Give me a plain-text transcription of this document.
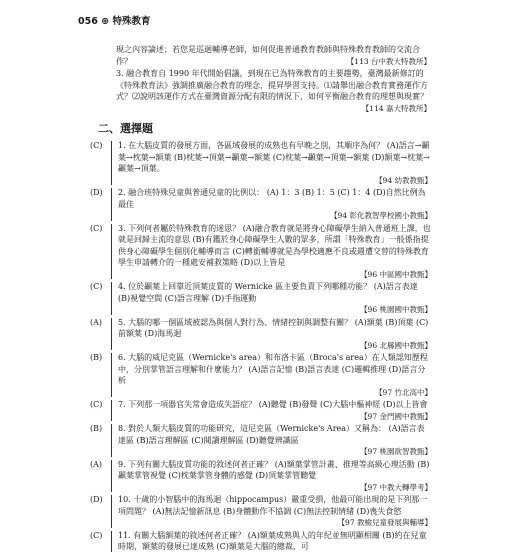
056 ⊕ 特殊教育
現之內容論述；若您是巡迴輔導老師，如何促進普通教育教師與特殊教育教師的交流合作？	【113 台中教大特教所】
3. 融合教育自 1990 年代開始倡議，到現在已為特殊教育的主要趨勢，臺灣最新修訂的《特殊教育法》強調推廣融合教育的理念，提昇學習支持。⑴請舉出融合教育實務運作方式？⑵說明該運作方式在臺灣資源分配有限的情況下，如何平衡融合教育的理想與現實？
【114 嘉大特教所】
二、選擇題
(C)	1. 在大腦皮質的發展方面，各區域發展的成熟也有早晚之別，其順序為何？ (A)語言→顳葉→枕葉→額葉 (B)枕葉→頂葉→顳葉→額葉 (C)枕葉→顳葉→頂葉→額葉 (D)額葉→枕葉→顳葉→頂葉。
【94 幼教教甄】
(D)	2. 融合班特殊兒童與普通兒童的比例以： (A) 1：3 (B) 1：5 (C) 1：4 (D)自然比例為最佳
【94 彰化教智學校國小教甄】
(C)	3. 下列何者屬於特殊教育的迷思？ (A)融合教育就是將身心障礙學生納入普通班上課，也就是回歸主流的意思 (B)有鑑於身心障礙學生人數的眾多，所謂「特殊教育」一般係指提供身心障礙學生個別化輔導而言 (C)轉銜輔導就是為學校適應不良或週遭交替的特殊教育學生申請轉介的一種處安補救策略 (D)以上皆是
【96 中區國中教甄】
(C)	4. 位於顳葉上回靠近頂葉皮質的 Wernicke 區主要負責下列哪種功能？ (A)語言表達 (B)視覺空間 (C)語言理解 (D)手指運動
【96 桃園國中教甄】
(A)	5. 大腦的哪一個區域被認為與個人對行為、情緒控制與調整有關？ (A)額葉 (B)頂葉 (C)前額葉 (D)海馬迴
【96 北縣國中教甄】
(B)	6. 大腦的威尼克區（Wernicke's area）和布洛卡區（Broca's area）在人類認知歷程中，分別掌管語言理解和什麼能力？ (A)語言記憶 (B)語言表達 (C)邏輯推理 (D)語言分析
【97 竹北高中】
(C)	7. 下列那一項器官失常會造成失語症？ (A)聽覺 (B)發聲 (C)大腦中樞神經 (D)以上皆會
【97 金門國中教甄】
(B)	8. 對於人類大腦皮質的功能研究，這尼克區（Wernicke's Area）又稱為： (A)語言表達區 (B)語言理解區 (C)閱讀理解區 (D)聽覺辨識區
【97 桃園欲智教甄】
(A)	9. 下列有關大腦皮質功能的敘述何者正確？ (A)額葉掌管計畫、推理等高級心理活動 (B)顳葉掌管視覺 (C)枕葉掌管身體的感覺 (D)頂葉掌管聽覺
【97 中教大轉學考】
(D)	10. 十歲的小智腦中的海馬迴（hippocampus）嚴重受損，他最可能出現的是下列那一項問題？ (A)無法記憶新訊息 (B)身體動作不協調 (C)無法控制情緒 (D)喪失食慾
【97 教檢兒童發展與輔導】
(C)	11. 有關大腦額葉的敘述何者正確？ (A)額葉成熟與人的年紀並無明顯相關 (B)約在兒童時期，額葉的發展已達成熟 (C)額葉是大腦的總裁，可
